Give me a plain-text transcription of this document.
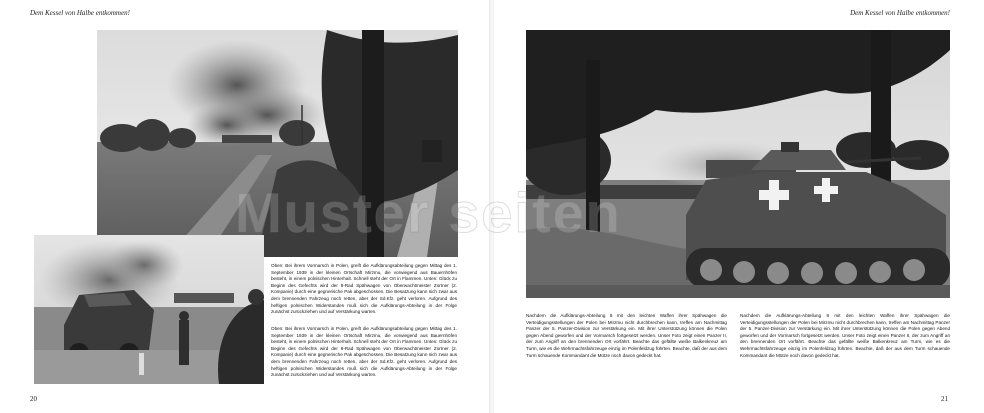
Dem Kessel von Halbe entkommen!
Oben: Bei ihrem Vormarsch in Polen, greift die Aufklärungsabteilung gegen Mittag des 1. September 1939 in der kleinen Ortschaft Mirzmu, die vorwiegend aus Bauernhöfen besteht, in einem polnischen Hinterhalt. Schnell steht der Ort in Flammen. Unten: Glück zu Beginn des Gefechts wird der 8-Rad Spähwagen von Oberwachtmeister Zortner (2. Kompanie) durch eine gegnerische Pak abgeschossen. Die Besatzung kann sich zwar aus dem brennenden Fahrzeug noch retten, aber der Sd.Kfz. geht verloren. Aufgrund des heftigen polnischen Widerstandes muß sich die Aufklärungs-Abteilung in der Folge zunächst zurückziehen und auf Verstärkung warten.
Oben: Bei ihrem Vormarsch in Polen, greift die Aufklärungsabteilung gegen Mittag des 1. September 1939 in der kleinen Ortschaft Mirzmu, die vorwiegend aus Bauernhöfen besteht, in einem polnischen Hinterhalt. Schnell steht der Ort in Flammen. Unten: Glück zu Beginn des Gefechts wird der 8-Rad Spähwagen von Oberwachtmeister Zortner (2. Kompanie) durch eine gegnerische Pak abgeschossen. Die Besatzung kann sich zwar aus dem brennenden Fahrzeug noch retten, aber der Sd.Kfz. geht verloren. Aufgrund des heftigen polnischen Widerstandes muß sich die Aufklärungs-Abteilung in der Folge zunächst zurückziehen und auf Verstärkung warten.
20
Dem Kessel von Halbe entkommen!
Nachdem die Aufklärungs-Abteilung 8 mit den leichten Waffen ihrer Spähwagen die Verteidigungsstellungen der Polen bei Mirzmu nicht durchbrechen kann, treffen am Nachmittag Panzer der 5. Panzer-Division zur Verstärkung ein. Mit ihrer Unterstützung können die Polen gegen Abend geworfen und der Vormarsch fortgesetzt werden. Unser Foto zeigt einen Panzer II, der zum Angriff an den brennenden Ort vorfährt. Beachte das gefällte weiße Balkenkreuz am Turm, wie es die Wehrmachtsfahrzeuge einzig im Polenfeldzug führten. Beachte, daß der aus dem Turm schauende Kommandant die Mütze noch davon gedeckt hat.
Nachdem die Aufklärungs-Abteilung 8 mit den leichten Waffen ihrer Spähwagen die Verteidigungsstellungen der Polen bei Mirzmu nicht durchbrechen kann, treffen am Nachmittag Panzer der 5. Panzer-Division zur Verstärkung ein. Mit ihrer Unterstützung können die Polen gegen Abend geworfen und der Vormarsch fortgesetzt werden. Unser Foto zeigt einen Panzer II, der zum Angriff an den brennenden Ort vorfährt. Beachte das gefällte weiße Balkenkreuz am Turm, wie es die Wehrmachtsfahrzeuge einzig im Polenfeldzug führten. Beachte, daß der aus dem Turm schauende Kommandant die Mütze noch davon gedeckt hat.
21
